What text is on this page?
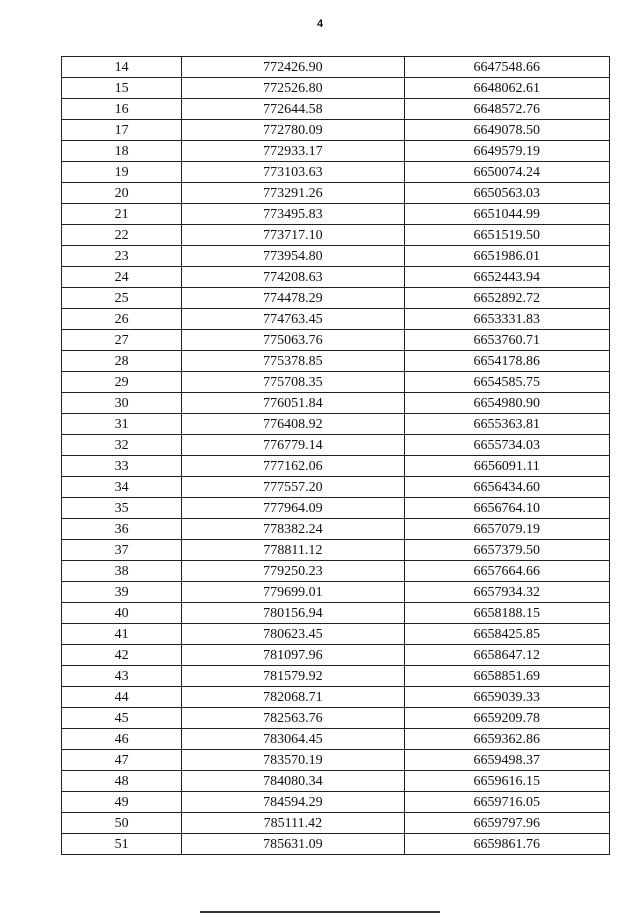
4
14	772426.90	6647548.66
15	772526.80	6648062.61
16	772644.58	6648572.76
17	772780.09	6649078.50
18	772933.17	6649579.19
19	773103.63	6650074.24
20	773291.26	6650563.03
21	773495.83	6651044.99
22	773717.10	6651519.50
23	773954.80	6651986.01
24	774208.63	6652443.94
25	774478.29	6652892.72
26	774763.45	6653331.83
27	775063.76	6653760.71
28	775378.85	6654178.86
29	775708.35	6654585.75
30	776051.84	6654980.90
31	776408.92	6655363.81
32	776779.14	6655734.03
33	777162.06	6656091.11
34	777557.20	6656434.60
35	777964.09	6656764.10
36	778382.24	6657079.19
37	778811.12	6657379.50
38	779250.23	6657664.66
39	779699.01	6657934.32
40	780156.94	6658188.15
41	780623.45	6658425.85
42	781097.96	6658647.12
43	781579.92	6658851.69
44	782068.71	6659039.33
45	782563.76	6659209.78
46	783064.45	6659362.86
47	783570.19	6659498.37
48	784080.34	6659616.15
49	784594.29	6659716.05
50	785111.42	6659797.96
51	785631.09	6659861.76
